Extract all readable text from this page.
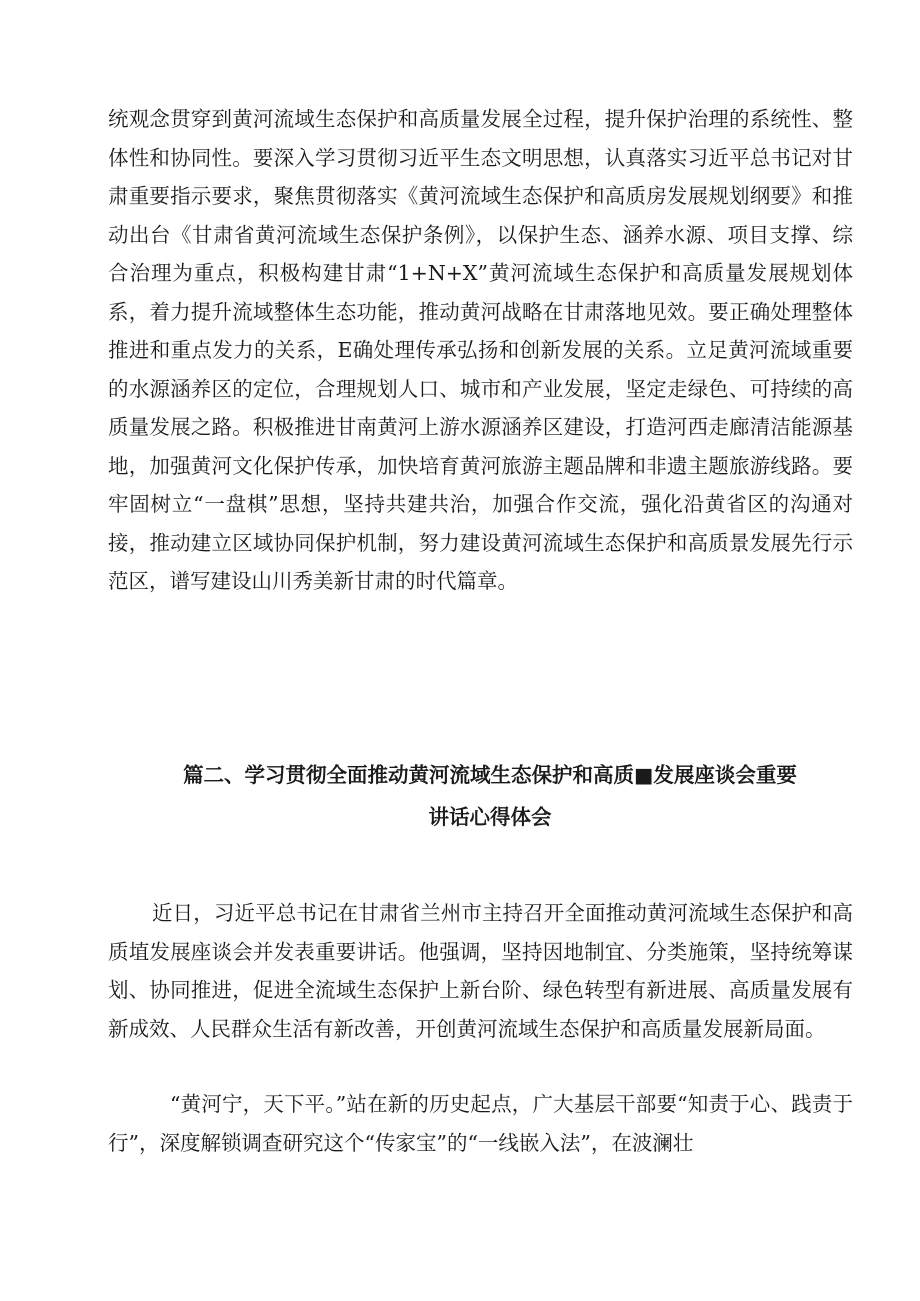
统观念贯穿到黄河流域生态保护和高质量发展全过程，提升保护治理的系统性、整体性和协同性。要深入学习贯彻习近平生态文明思想，认真落实习近平总书记对甘肃重要指示要求，聚焦贯彻落实《黄河流域生态保护和高质房发展规划纲要》和推动出台《甘肃省黄河流域生态保护条例》，以保护生态、涵养水源、项目支撑、综合治理为重点，积极构建甘肃“1+N+X”黄河流域生态保护和高质量发展规划体系，着力提升流域整体生态功能，推动黄河战略在甘肃落地见效。要正确处理整体推进和重点发力的关系，E确处理传承弘扬和创新发展的关系。立足黄河流域重要的水源涵养区的定位，合理规划人口、城市和产业发展，坚定走绿色、可持续的高质量发展之路。积极推进甘南黄河上游水源涵养区建设，打造河西走廊清洁能源基地，加强黄河文化保护传承，加快培育黄河旅游主题品牌和非遗主题旅游线路。要牢固树立“一盘棋”思想，坚持共建共治，加强合作交流，强化沿黄省区的沟通对接，推动建立区域协同保护机制，努力建设黄河流域生态保护和高质景发展先行示范区，谱写建设山川秀美新甘肃的时代篇章。

篇二、学习贯彻全面推动黄河流域生态保护和高质■发展座谈会重要
讲话心得体会

近日，习近平总书记在甘肃省兰州市主持召开全面推动黄河流域生态保护和高质埴发展座谈会并发表重要讲话。他强调，坚持因地制宜、分类施策，坚持统筹谋划、协同推进，促进全流域生态保护上新台阶、绿色转型有新进展、高质量发展有新成效、人民群众生活有新改善，开创黄河流域生态保护和高质量发展新局面。

“黄河宁，天下平。”站在新的历史起点，广大基层干部要“知责于心、践责于行”，深度解锁调查研究这个“传家宝”的“一线嵌入法”，在波澜壮
